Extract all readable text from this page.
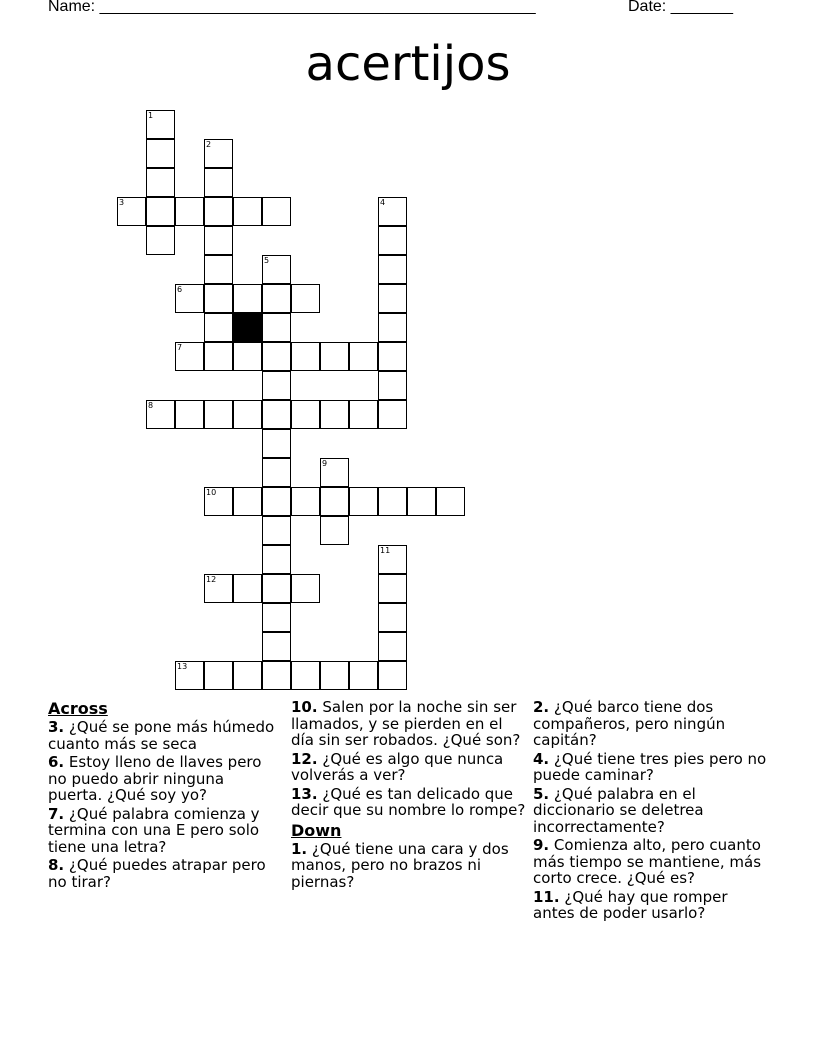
Name: _________________________________________________	Date: _______
acertijos
1
2
3	4
5
6
7
8
9
10
11
12
13
Across
3. ¿Qué se pone más húmedo cuanto más se seca
6. Estoy lleno de llaves pero no puedo abrir ninguna puerta. ¿Qué soy yo?
7. ¿Qué palabra comienza y termina con una E pero solo tiene una letra?
8. ¿Qué puedes atrapar pero no tirar?
10. Salen por la noche sin ser llamados, y se pierden en el día sin ser robados. ¿Qué son?
12. ¿Qué es algo que nunca volverás a ver?
13. ¿Qué es tan delicado que decir que su nombre lo rompe?
Down
1. ¿Qué tiene una cara y dos manos, pero no brazos ni piernas?
2. ¿Qué barco tiene dos compañeros, pero ningún capitán?
4. ¿Qué tiene tres pies pero no puede caminar?
5. ¿Qué palabra en el diccionario se deletrea incorrectamente?
9. Comienza alto, pero cuanto más tiempo se mantiene, más corto crece. ¿Qué es?
11. ¿Qué hay que romper antes de poder usarlo?
